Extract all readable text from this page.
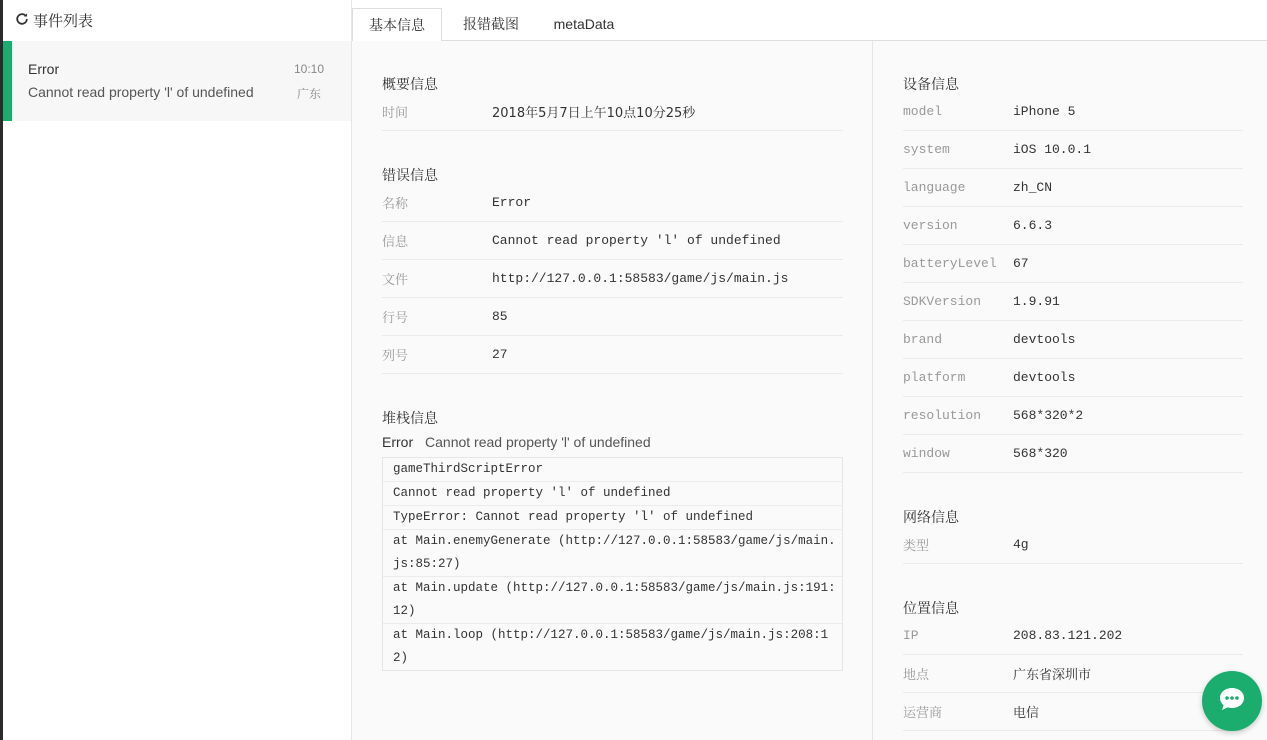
事件列表
Error
Cannot read property 'l' of undefined
10:10
广东
基本信息	报错截图	metaData
概要信息
时间	2018年5月7日上午10点10分25秒
错误信息
名称	Error
信息	Cannot read property 'l' of undefined
文件	http://127.0.0.1:58583/game/js/main.js
行号	85
列号	27
堆栈信息
Error Cannot read property 'l' of undefined
gameThirdScriptError
Cannot read property 'l' of undefined
TypeError: Cannot read property 'l' of undefined
at Main.enemyGenerate (http://127.0.0.1:58583/game/js/main.js:85:27)
at Main.update (http://127.0.0.1:58583/game/js/main.js:191:12)
at Main.loop (http://127.0.0.1:58583/game/js/main.js:208:12)
设备信息
model	iPhone 5
system	iOS 10.0.1
language	zh_CN
version	6.6.3
batteryLevel 67
SDKVersion 1.9.91
brand	devtools
platform	devtools
resolution 568*320*2
window	568*320
网络信息
类型	4g
位置信息
IP	208.83.121.202
地点	广东省深圳市
运营商	电信
